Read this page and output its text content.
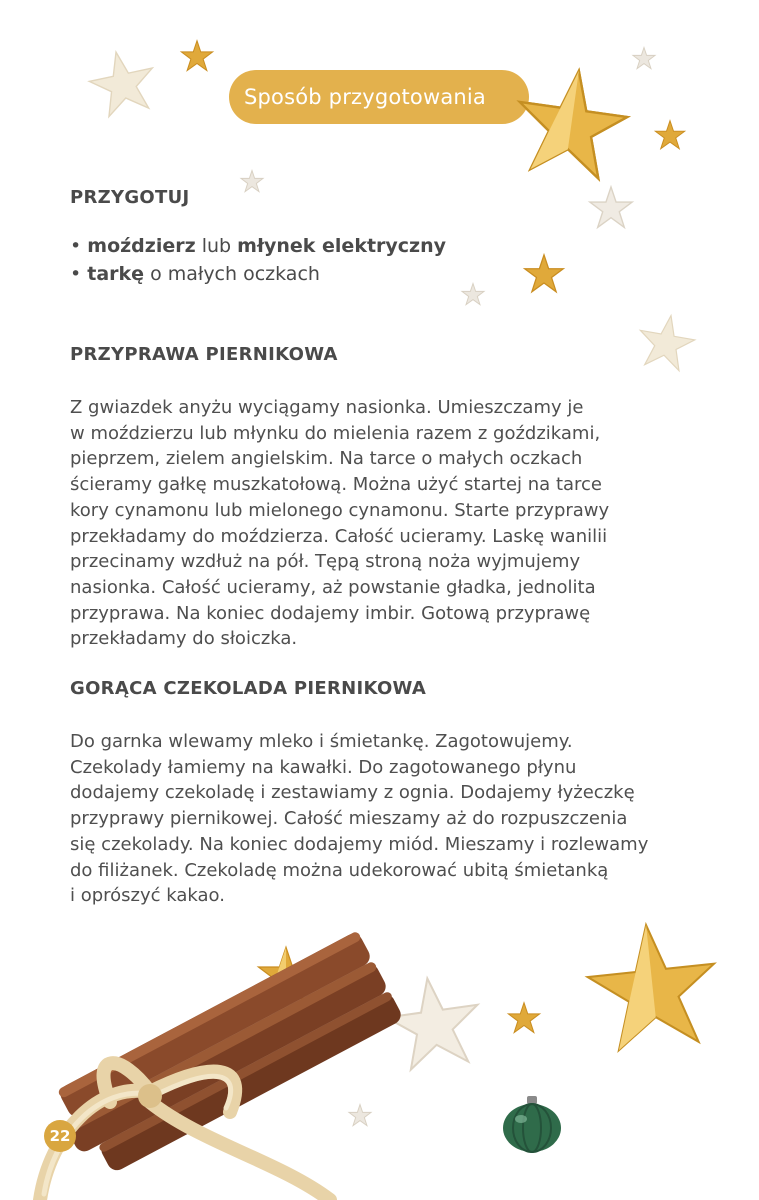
Sposób przygotowania
PRZYGOTUJ
• moździerz lub młynek elektryczny
• tarkę o małych oczkach
PRZYPRAWA PIERNIKOWA
Z gwiazdek anyżu wyciągamy nasionka. Umieszczamy je
w moździerzu lub młynku do mielenia razem z goździkami,
pieprzem, zielem angielskim. Na tarce o małych oczkach
ścieramy gałkę muszkatołową. Można użyć startej na tarce
kory cynamonu lub mielonego cynamonu. Starte przyprawy
przekładamy do moździerza. Całość ucieramy. Laskę wanilii
przecinamy wzdłuż na pół. Tępą stroną noża wyjmujemy
nasionka. Całość ucieramy, aż powstanie gładka, jednolita
przyprawa. Na koniec dodajemy imbir. Gotową przyprawę
przekładamy do słoiczka.
GORĄCA CZEKOLADA PIERNIKOWA
Do garnka wlewamy mleko i śmietankę. Zagotowujemy.
Czekolady łamiemy na kawałki. Do zagotowanego płynu
dodajemy czekoladę i zestawiamy z ognia. Dodajemy łyżeczkę
przyprawy piernikowej. Całość mieszamy aż do rozpuszczenia
się czekolady. Na koniec dodajemy miód. Mieszamy i rozlewamy
do filiżanek. Czekoladę można udekorować ubitą śmietanką
i oprószyć kakao.
22
